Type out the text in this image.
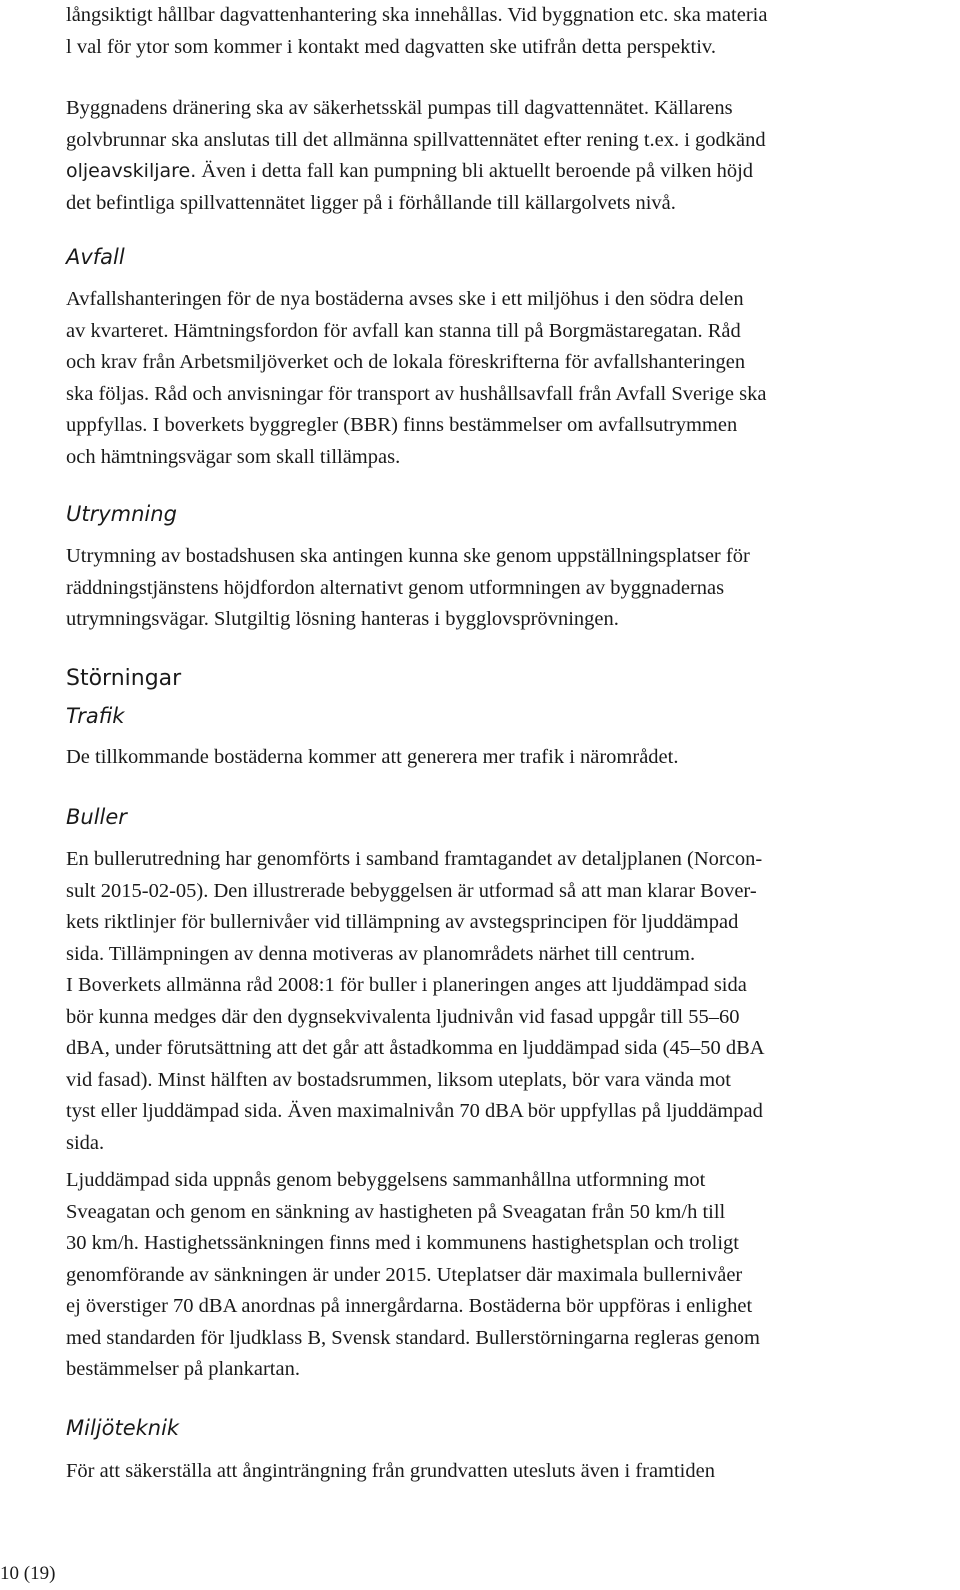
långsiktigt hållbar dagvattenhantering ska innehållas. Vid byggnation etc. ska materia
l val för ytor som kommer i kontakt med dagvatten ske utifrån detta perspektiv.

Byggnadens dränering ska av säkerhetsskäl pumpas till dagvattennätet. Källarens
golvbrunnar ska anslutas till det allmänna spillvattennätet efter rening t.ex. i godkänd
oljeavskiljare. Även i detta fall kan pumpning bli aktuellt beroende på vilken höjd
det befintliga spillvattennätet ligger på i förhållande till källargolvets nivå.

Avfall

Avfallshanteringen för de nya bostäderna avses ske i ett miljöhus i den södra delen
av kvarteret. Hämtningsfordon för avfall kan stanna till på Borgmästaregatan. Råd
och krav från Arbetsmiljöverket och de lokala föreskrifterna för avfallshanteringen
ska följas. Råd och anvisningar för transport av hushållsavfall från Avfall Sverige ska
uppfyllas. I boverkets byggregler (BBR) finns bestämmelser om avfallsutrymmen
och hämtningsvägar som skall tillämpas.

Utrymning

Utrymning av bostadshusen ska antingen kunna ske genom uppställningsplatser för
räddningstjänstens höjdfordon alternativt genom utformningen av byggnadernas
utrymningsvägar. Slutgiltig lösning hanteras i bygglovsprövningen.

Störningar
Trafik

De tillkommande bostäderna kommer att generera mer trafik i närområdet.

Buller

En bullerutredning har genomförts i samband framtagandet av detaljplanen (Norcon-
sult 2015-02-05). Den illustrerade bebyggelsen är utformad så att man klarar Bover-
kets riktlinjer för bullernivåer vid tillämpning av avstegsprincipen för ljuddämpad
sida. Tillämpningen av denna motiveras av planområdets närhet till centrum.
I Boverkets allmänna råd 2008:1 för buller i planeringen anges att ljuddämpad sida
bör kunna medges där den dygnsekvivalenta ljudnivån vid fasad uppgår till 55–60
dBA, under förutsättning att det går att åstadkomma en ljuddämpad sida (45–50 dBA
vid fasad). Minst hälften av bostadsrummen, liksom uteplats, bör vara vända mot
tyst eller ljuddämpad sida. Även maximalnivån 70 dBA bör uppfyllas på ljuddämpad
sida.

Ljuddämpad sida uppnås genom bebyggelsens sammanhållna utformning mot
Sveagatan och genom en sänkning av hastigheten på Sveagatan från 50 km/h till
30 km/h. Hastighetssänkningen finns med i kommunens hastighetsplan och troligt
genomförande av sänkningen är under 2015. Uteplatser där maximala bullernivåer
ej överstiger 70 dBA anordnas på innergårdarna. Bostäderna bör uppföras i enlighet
med standarden för ljudklass B, Svensk standard. Bullerstörningarna regleras genom
bestämmelser på plankartan.

Miljöteknik

För att säkerställa att ånginträngning från grundvatten utesluts även i framtiden

10 (19)
